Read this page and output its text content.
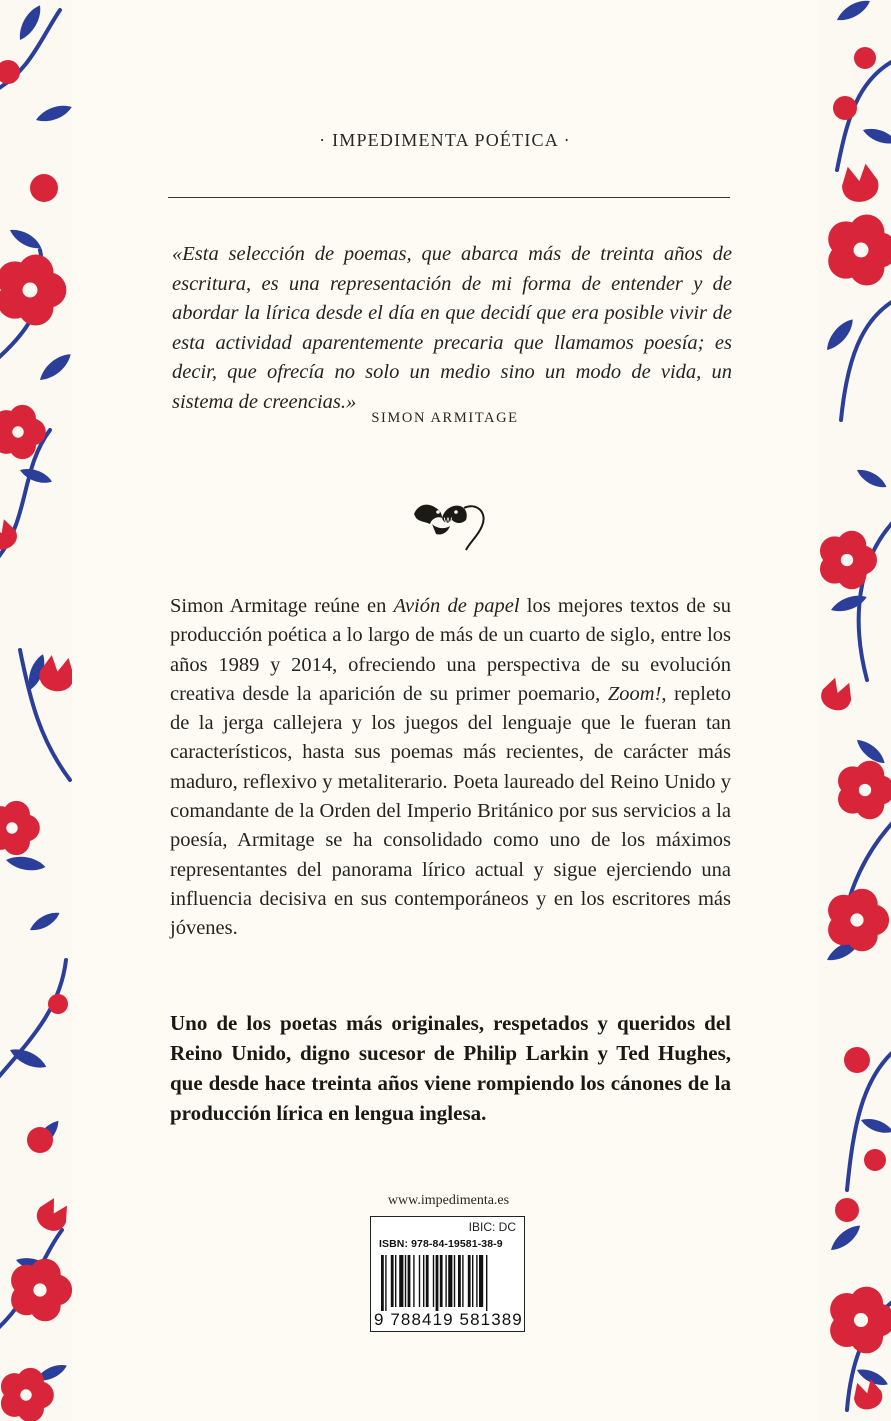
· IMPEDIMENTA POÉTICA ·
«Esta selección de poemas, que abarca más de treinta años de escritura, es una representación de mi forma de entender y de abordar la lírica desde el día en que decidí que era posible vivir de esta actividad aparentemente precaria que llamamos poesía; es decir, que ofrecía no solo un medio sino un modo de vida, un sistema de creencias.»
SIMON ARMITAGE
W
Simon Armitage reúne en Avión de papel los mejores textos de su producción poética a lo largo de más de un cuarto de siglo, entre los años 1989 y 2014, ofreciendo una perspectiva de su evolución creativa desde la aparición de su primer poemario, Zoom!, repleto de la jerga callejera y los juegos del lenguaje que le fueran tan característicos, hasta sus poemas más recientes, de carácter más maduro, reflexivo y metaliterario. Poeta laureado del Reino Unido y comandante de la Orden del Imperio Británico por sus servicios a la poesía, Armitage se ha consolidado como uno de los máximos representantes del panorama lírico actual y sigue ejerciendo una influencia decisiva en sus contemporáneos y en los escritores más jóvenes.
Uno de los poetas más originales, respetados y queridos del Reino Unido, digno sucesor de Philip Larkin y Ted Hughes, que desde hace treinta años viene rompiendo los cánones de la producción lírica en lengua inglesa.
www.impedimenta.es
IBIC: DC
ISBN: 978-84-19581-38-9
9 788419 581389
